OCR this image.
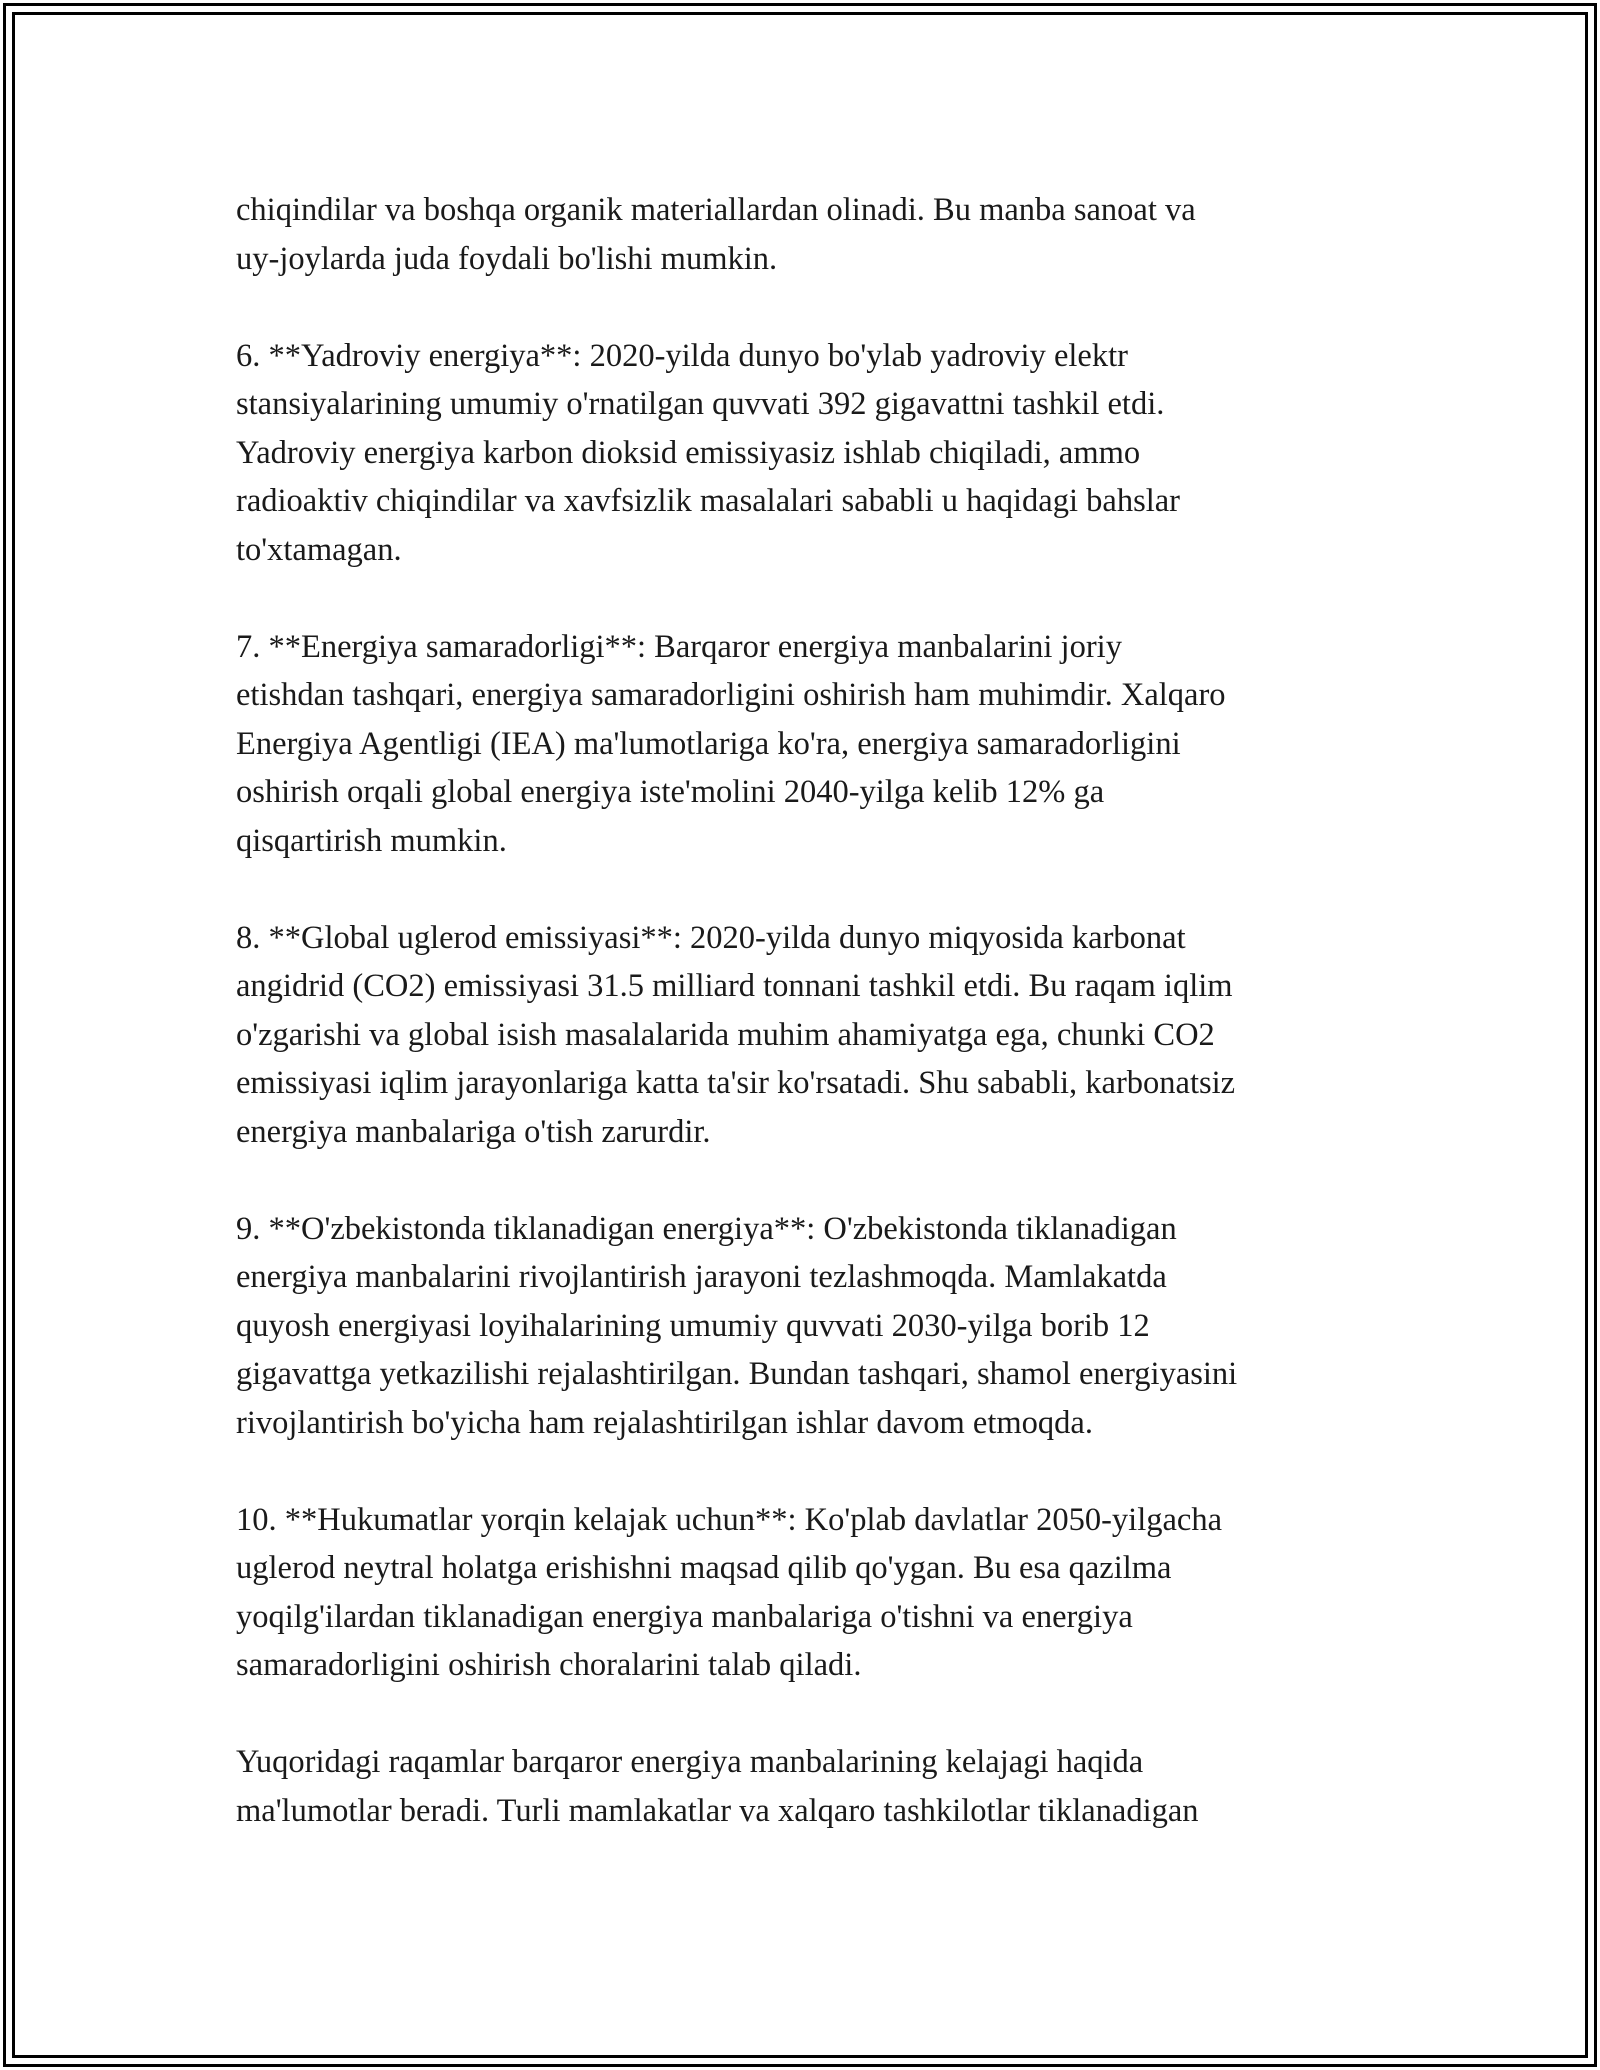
chiqindilar va boshqa organik materiallardan olinadi. Bu manba sanoat va
uy-joylarda juda foydali bo'lishi mumkin.

6. **Yadroviy energiya**: 2020-yilda dunyo bo'ylab yadroviy elektr
stansiyalarining umumiy o'rnatilgan quvvati 392 gigavattni tashkil etdi.
Yadroviy energiya karbon dioksid emissiyasiz ishlab chiqiladi, ammo
radioaktiv chiqindilar va xavfsizlik masalalari sababli u haqidagi bahslar
to'xtamagan.

7. **Energiya samaradorligi**: Barqaror energiya manbalarini joriy
etishdan tashqari, energiya samaradorligini oshirish ham muhimdir. Xalqaro
Energiya Agentligi (IEA) ma'lumotlariga ko'ra, energiya samaradorligini
oshirish orqali global energiya iste'molini 2040-yilga kelib 12% ga
qisqartirish mumkin.

8. **Global uglerod emissiyasi**: 2020-yilda dunyo miqyosida karbonat
angidrid (CO2) emissiyasi 31.5 milliard tonnani tashkil etdi. Bu raqam iqlim
o'zgarishi va global isish masalalarida muhim ahamiyatga ega, chunki CO2
emissiyasi iqlim jarayonlariga katta ta'sir ko'rsatadi. Shu sababli, karbonatsiz
energiya manbalariga o'tish zarurdir.

9. **O'zbekistonda tiklanadigan energiya**: O'zbekistonda tiklanadigan
energiya manbalarini rivojlantirish jarayoni tezlashmoqda. Mamlakatda
quyosh energiyasi loyihalarining umumiy quvvati 2030-yilga borib 12
gigavattga yetkazilishi rejalashtirilgan. Bundan tashqari, shamol energiyasini
rivojlantirish bo'yicha ham rejalashtirilgan ishlar davom etmoqda.

10. **Hukumatlar yorqin kelajak uchun**: Ko'plab davlatlar 2050-yilgacha
uglerod neytral holatga erishishni maqsad qilib qo'ygan. Bu esa qazilma
yoqilg'ilardan tiklanadigan energiya manbalariga o'tishni va energiya
samaradorligini oshirish choralarini talab qiladi.

Yuqoridagi raqamlar barqaror energiya manbalarining kelajagi haqida
ma'lumotlar beradi. Turli mamlakatlar va xalqaro tashkilotlar tiklanadigan
